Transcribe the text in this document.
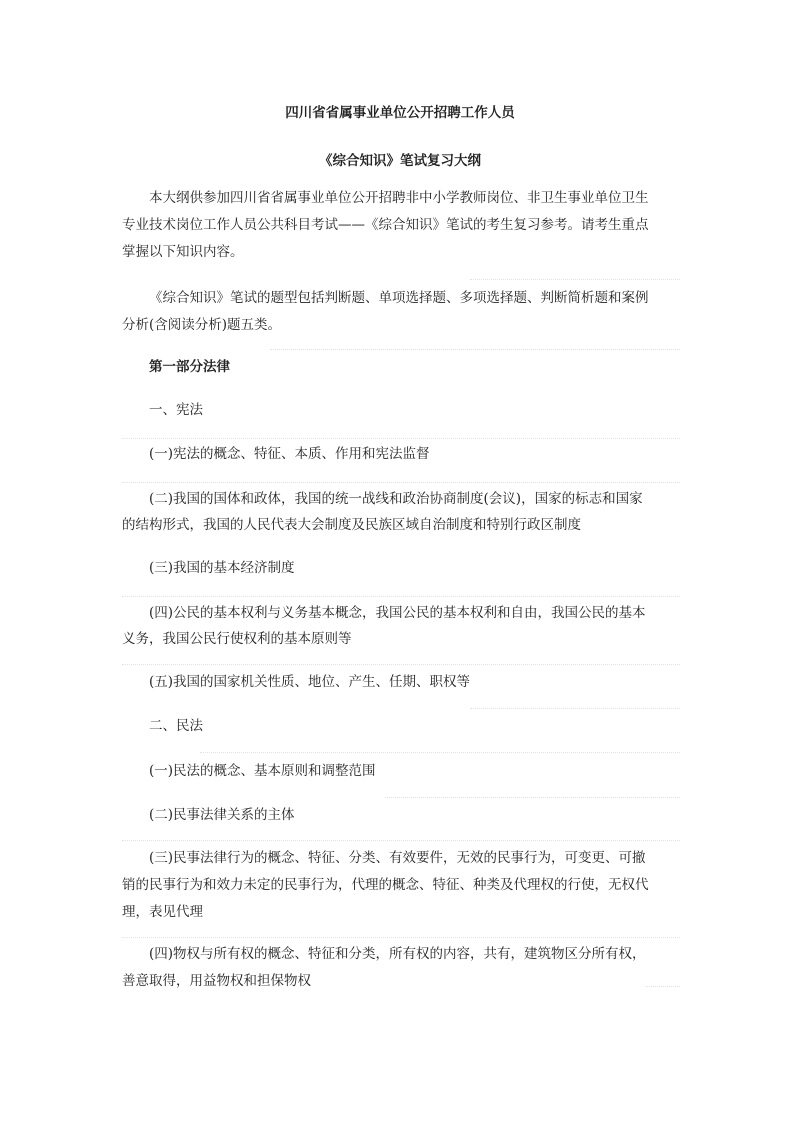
四川省省属事业单位公开招聘工作人员
《综合知识》笔试复习大纲
本大纲供参加四川省省属事业单位公开招聘非中小学教师岗位、非卫生事业单位卫生
专业技术岗位工作人员公共科目考试——《综合知识》笔试的考生复习参考。请考生重点
掌握以下知识内容。
《综合知识》笔试的题型包括判断题、单项选择题、多项选择题、判断简析题和案例
分析(含阅读分析)题五类。
第一部分法律
一、宪法
(一)宪法的概念、特征、本质、作用和宪法监督
(二)我国的国体和政体，我国的统一战线和政治协商制度(会议)，国家的标志和国家
的结构形式，我国的人民代表大会制度及民族区域自治制度和特别行政区制度
(三)我国的基本经济制度
(四)公民的基本权利与义务基本概念，我国公民的基本权利和自由，我国公民的基本
义务，我国公民行使权利的基本原则等
(五)我国的国家机关性质、地位、产生、任期、职权等
二、民法
(一)民法的概念、基本原则和调整范围
(二)民事法律关系的主体
(三)民事法律行为的概念、特征、分类、有效要件，无效的民事行为，可变更、可撤
销的民事行为和效力未定的民事行为，代理的概念、特征、种类及代理权的行使，无权代
理，表见代理
(四)物权与所有权的概念、特征和分类，所有权的内容，共有，建筑物区分所有权，
善意取得，用益物权和担保物权
